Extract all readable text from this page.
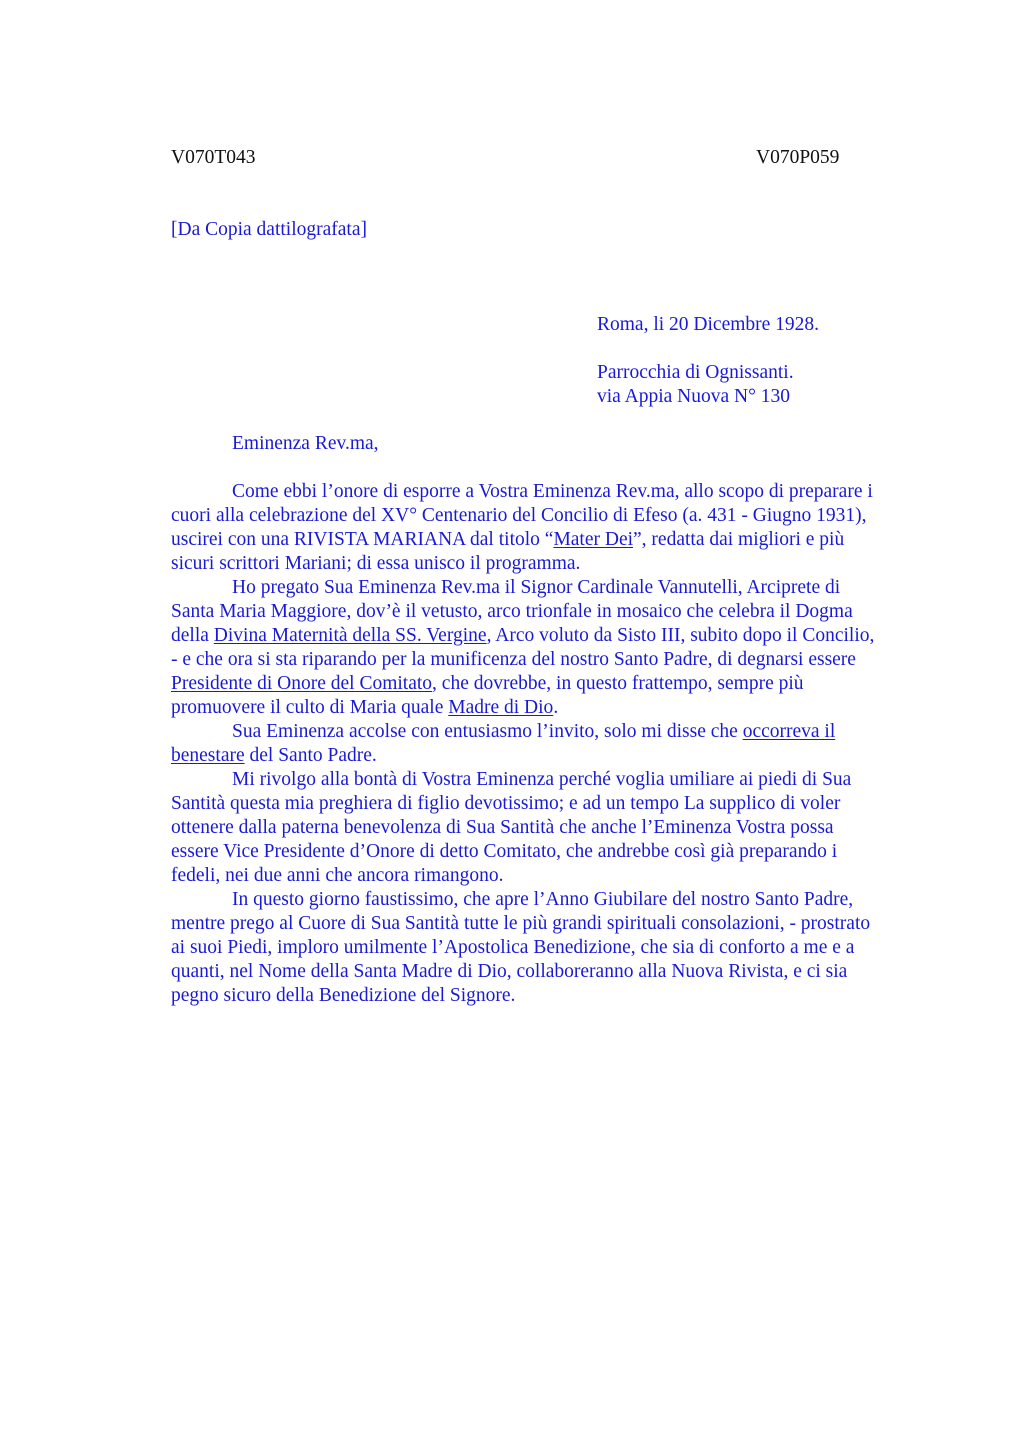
V070T043	V070P059
[Da Copia dattilografata]
Roma, li 20 Dicembre 1928.
Parrocchia di Ognissanti.
via Appia Nuova N° 130
Eminenza Rev.ma,

Come ebbi l’onore di esporre a Vostra Eminenza Rev.ma, allo scopo di preparare i
cuori alla celebrazione del XV° Centenario del Concilio di Efeso (a. 431 - Giugno 1931),
uscirei con una RIVISTA MARIANA dal titolo “Mater Dei”, redatta dai migliori e più
sicuri scrittori Mariani; di essa unisco il programma.

Ho pregato Sua Eminenza Rev.ma il Signor Cardinale Vannutelli, Arciprete di
Santa Maria Maggiore, dov’è il vetusto, arco trionfale in mosaico che celebra il Dogma
della Divina Maternità della SS. Vergine, Arco voluto da Sisto III, subito dopo il Concilio,
- e che ora si sta riparando per la munificenza del nostro Santo Padre, di degnarsi essere
Presidente di Onore del Comitato, che dovrebbe, in questo frattempo, sempre più
promuovere il culto di Maria quale Madre di Dio.

Sua Eminenza accolse con entusiasmo l’invito, solo mi disse che occorreva il
benestare del Santo Padre.

Mi rivolgo alla bontà di Vostra Eminenza perché voglia umiliare ai piedi di Sua
Santità questa mia preghiera di figlio devotissimo; e ad un tempo La supplico di voler
ottenere dalla paterna benevolenza di Sua Santità che anche l’Eminenza Vostra possa
essere Vice Presidente d’Onore di detto Comitato, che andrebbe così già preparando i
fedeli, nei due anni che ancora rimangono.

In questo giorno faustissimo, che apre l’Anno Giubilare del nostro Santo Padre,
mentre prego al Cuore di Sua Santità tutte le più grandi spirituali consolazioni, - prostrato
ai suoi Piedi, imploro umilmente l’Apostolica Benedizione, che sia di conforto a me e a
quanti, nel Nome della Santa Madre di Dio, collaboreranno alla Nuova Rivista, e ci sia
pegno sicuro della Benedizione del Signore.
